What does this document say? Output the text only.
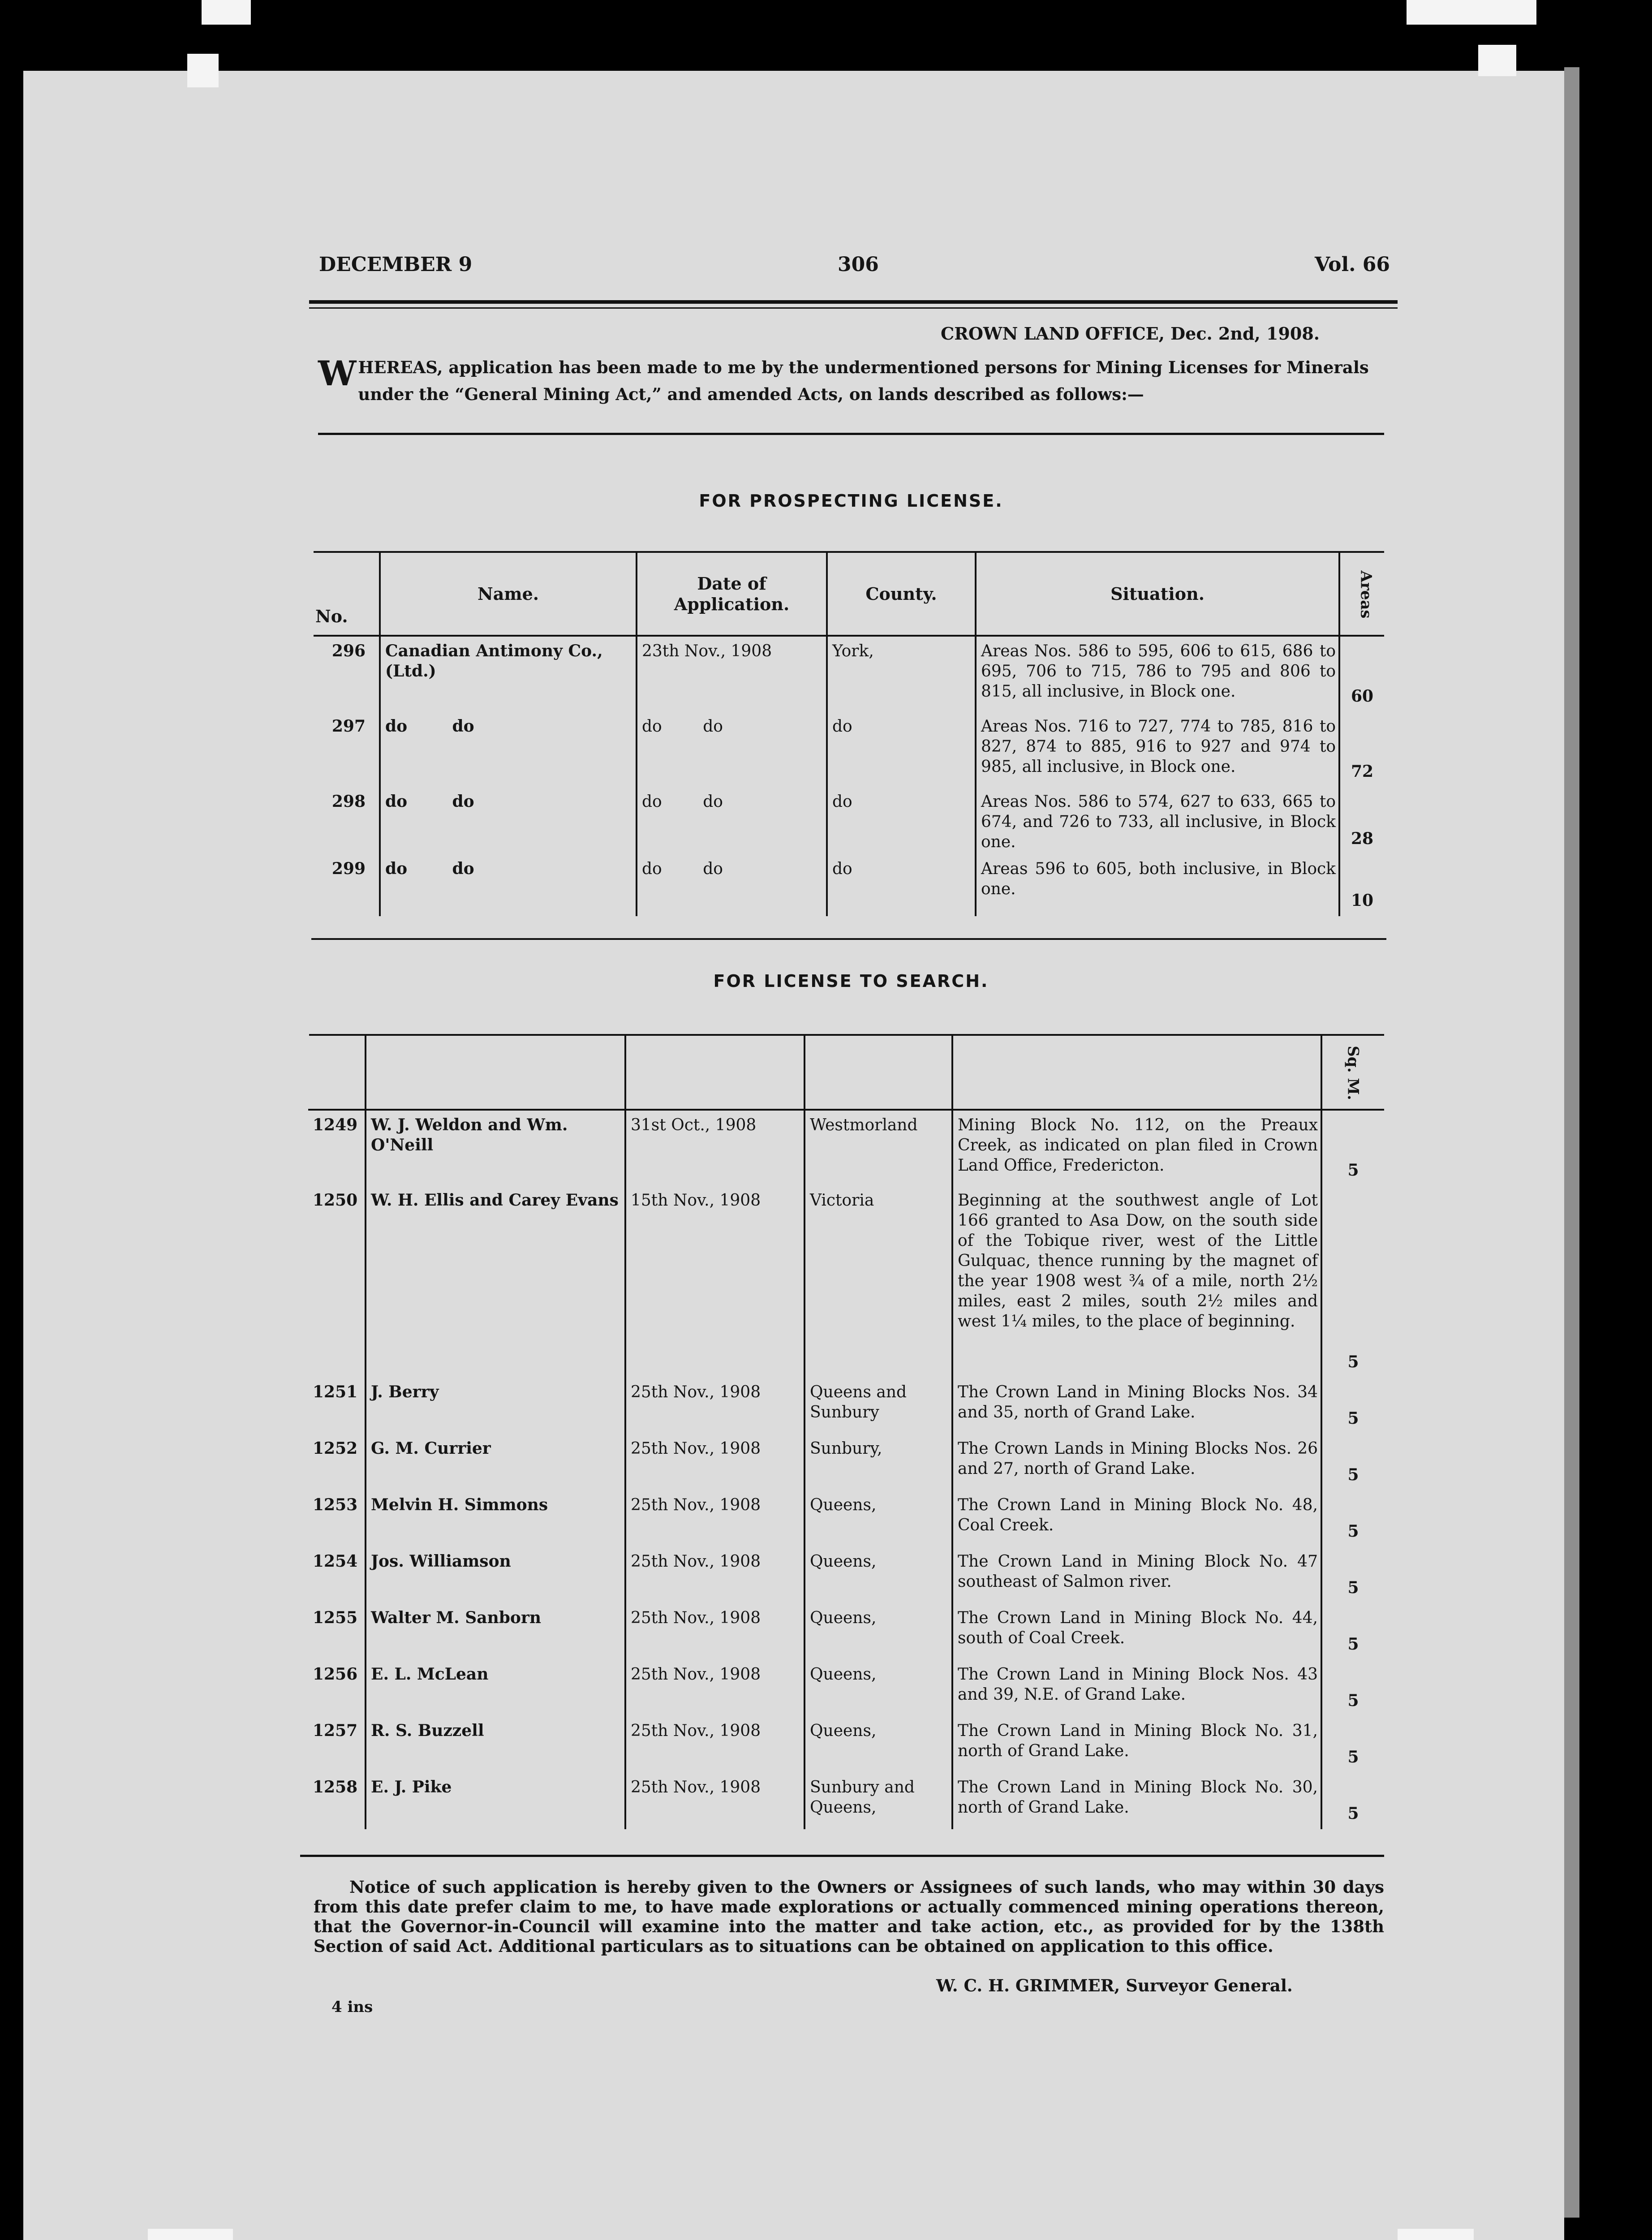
DECEMBER 9	306	Vol. 66
CROWN LAND OFFICE, Dec. 2nd, 1908.
WHEREAS, application has been made to me by the undermentioned persons for Mining Licenses for Minerals under the “General Mining Act,” and amended Acts, on lands described as follows:—
FOR PROSPECTING LICENSE.
No.	Name.	Date of Application.	County.	Situation.	Areas
296	Canadian Antimony Co., (Ltd.)	23th Nov., 1908	York,	Areas Nos. 586 to 595, 606 to 615, 686 to 695, 706 to 715, 786 to 795 and 806 to 815, all inclusive, in Block one.	60
297	do        do	do        do	do	Areas Nos. 716 to 727, 774 to 785, 816 to 827, 874 to 885, 916 to 927 and 974 to 985, all inclusive, in Block one.	72
298	do        do	do        do	do	Areas Nos. 586 to 574, 627 to 633, 665 to 674, and 726 to 733, all inclusive, in Block one.	28
299	do        do	do        do	do	Areas 596 to 605, both inclusive, in Block one.	10
FOR LICENSE TO SEARCH.
					Sq. M.
1249	W. J. Weldon and Wm. O'Neill	31st Oct., 1908	Westmorland	Mining Block No. 112, on the Preaux Creek, as indicated on plan filed in Crown Land Office, Fredericton.	5
1250	W. H. Ellis and Carey Evans	15th Nov., 1908	Victoria	Beginning at the southwest angle of Lot 166 granted to Asa Dow, on the south side of the Tobique river, west of the Little Gulquac, thence running by the magnet of the year 1908 west ¾ of a mile, north 2½ miles, east 2 miles, south 2½ miles and west 1¼ miles, to the place of beginning.	5
1251	J. Berry	25th Nov., 1908	Queens and Sunbury	The Crown Land in Mining Blocks Nos. 34 and 35, north of Grand Lake.	5
1252	G. M. Currier	25th Nov., 1908	Sunbury,	The Crown Lands in Mining Blocks Nos. 26 and 27, north of Grand Lake.	5
1253	Melvin H. Simmons	25th Nov., 1908	Queens,	The Crown Land in Mining Block No. 48, Coal Creek.	5
1254	Jos. Williamson	25th Nov., 1908	Queens,	The Crown Land in Mining Block No. 47 southeast of Salmon river.	5
1255	Walter M. Sanborn	25th Nov., 1908	Queens,	The Crown Land in Mining Block No. 44, south of Coal Creek.	5
1256	E. L. McLean	25th Nov., 1908	Queens,	The Crown Land in Mining Block Nos. 43 and 39, N.E. of Grand Lake.	5
1257	R. S. Buzzell	25th Nov., 1908	Queens,	The Crown Land in Mining Block No. 31, north of Grand Lake.	5
1258	E. J. Pike	25th Nov., 1908	Sunbury and Queens,	The Crown Land in Mining Block No. 30, north of Grand Lake.	5
Notice of such application is hereby given to the Owners or Assignees of such lands, who may within 30 days from this date prefer claim to me, to have made explorations or actually commenced mining operations thereon, that the Governor-in-Council will examine into the matter and take action, etc., as provided for by the 138th Section of said Act. Additional particulars as to situations can be obtained on application to this office.
W. C. H. GRIMMER, Surveyor General.
4 ins
